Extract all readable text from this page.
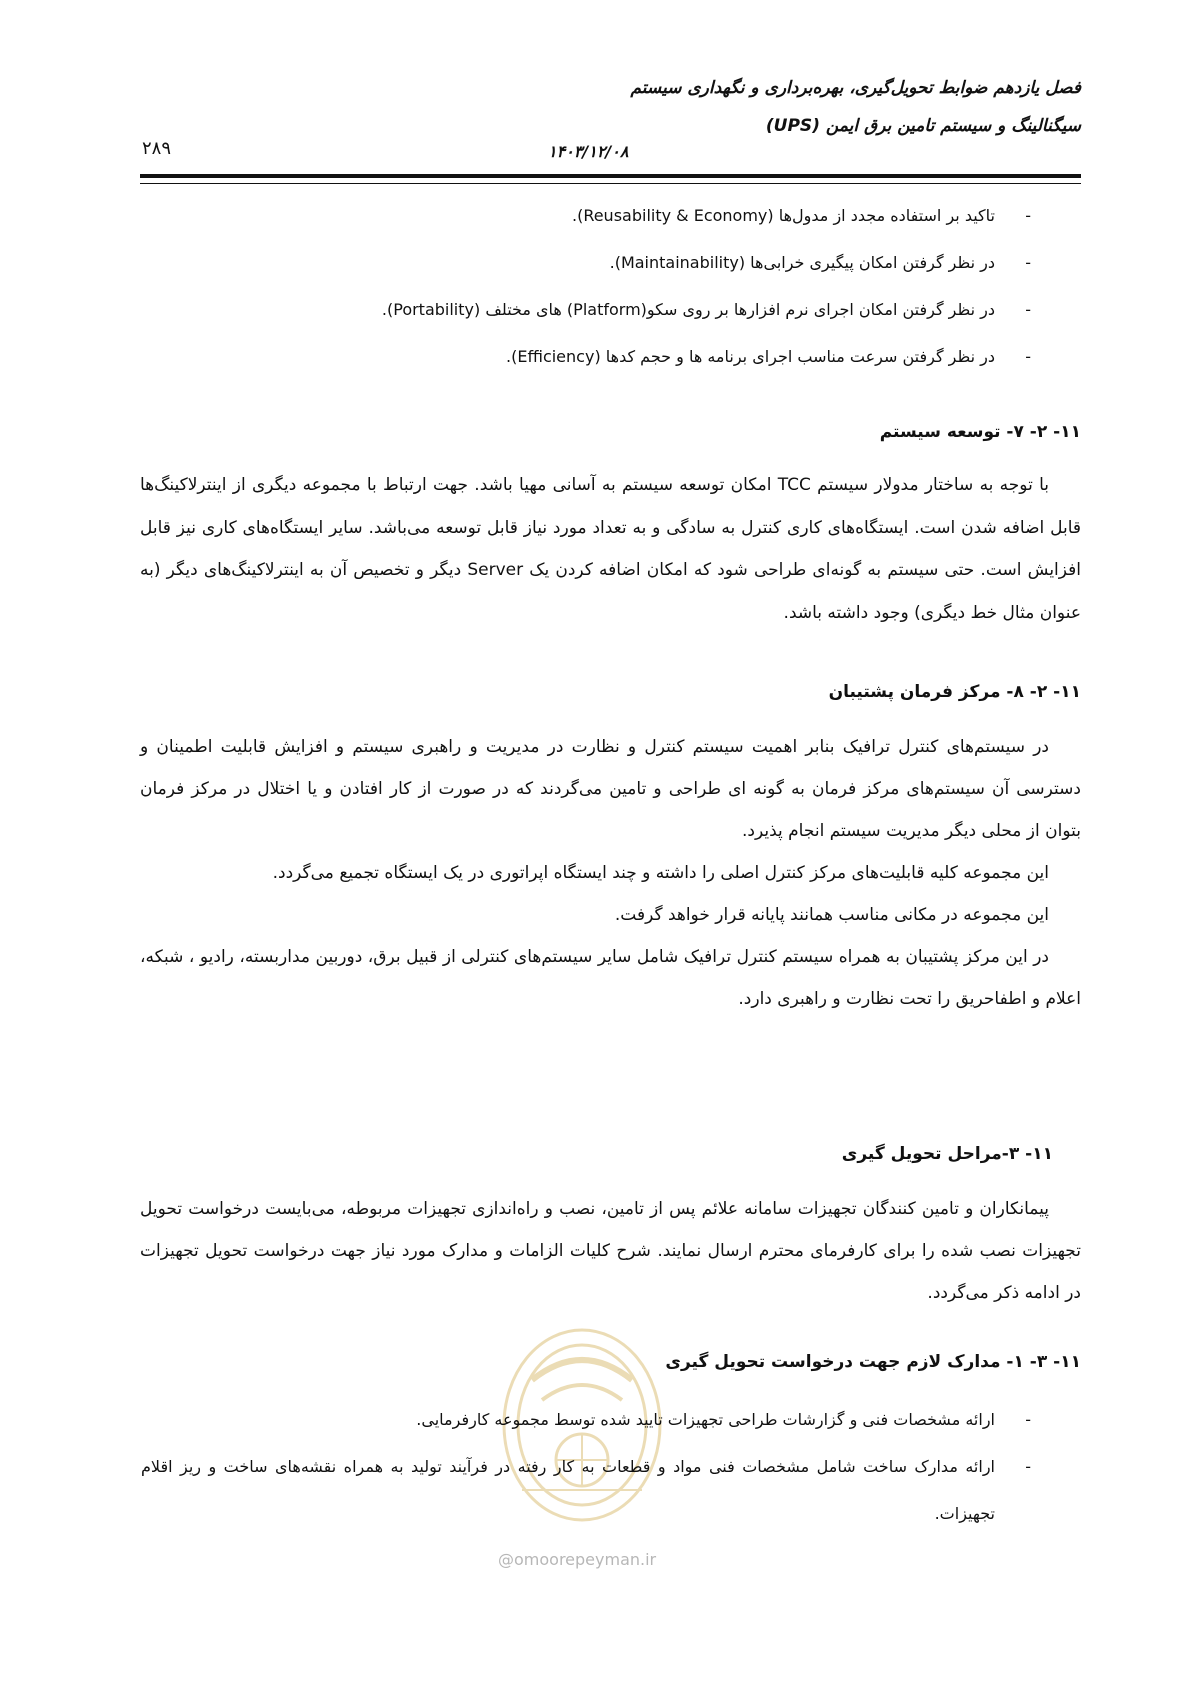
فصل یازدهم ضوابط تحویل‌گیری، بهره‌برداری و نگهداری سیستم
سیگنالینگ و سیستم تامین برق ایمن (UPS)
۱۴۰۳/۱۲/۰۸
۲۸۹
-
تاکید بر استفاده مجدد از مدول‌ها (Reusability & Economy).
-
در نظر گرفتن امکان پیگیری خرابی‌ها (Maintainability).
-
در نظر گرفتن امکان اجرای نرم افزارها بر روی سکو(Platform) های مختلف (Portability).
-
در نظر گرفتن سرعت مناسب اجرای برنامه ها و حجم کدها (Efficiency).
۱۱- ۲- ۷- توسعه سیستم

با توجه به ساختار مدولار سیستم TCC امکان توسعه سیستم به آسانی مهیا باشد. جهت ارتباط با مجموعه دیگری از اینترلاکینگ‌ها قابل اضافه شدن است. ایستگاه‌های کاری کنترل به سادگی و به تعداد مورد نیاز قابل توسعه می‌باشد. سایر ایستگاه‌های کاری نیز قابل افزایش است. حتی سیستم به گونه‌ای طراحی شود که امکان اضافه کردن یک Server دیگر و تخصیص آن به اینترلاکینگ‌های دیگر (به عنوان مثال خط دیگری) وجود داشته باشد.

۱۱- ۲- ۸- مرکز فرمان پشتیبان

در سیستم‌های کنترل ترافیک بنابر اهمیت سیستم کنترل و نظارت در مدیریت و راهبری سیستم و افزایش قابلیت اطمینان و دسترسی آن سیستم‌های مرکز فرمان به گونه ای طراحی و تامین می‌گردند که در صورت از کار افتادن و یا اختلال در مرکز فرمان بتوان از محلی دیگر مدیریت سیستم انجام پذیرد.

این مجموعه کلیه قابلیت‌های مرکز کنترل اصلی را داشته و چند ایستگاه اپراتوری در یک ایستگاه تجمیع می‌گردد.

این مجموعه در مکانی مناسب همانند پایانه قرار خواهد گرفت.

در این مرکز پشتیبان به همراه سیستم کنترل ترافیک شامل سایر سیستم‌های کنترلی از قبیل برق، دوربین مداربسته، رادیو ، شبکه، اعلام و اطفاحریق را تحت نظارت و راهبری دارد.

۱۱- ۳-مراحل تحویل گیری

پیمانکاران و تامین کنندگان تجهیزات سامانه علائم پس از تامین، نصب و راه‌اندازی تجهیزات مربوطه، می‌بایست درخواست تحویل تجهیزات نصب شده را برای کارفرمای محترم ارسال نمایند. شرح کلیات الزامات و مدارک مورد نیاز جهت درخواست تحویل تجهیزات در ادامه ذکر می‌گردد.

۱۱- ۳- ۱- مدارک لازم جهت درخواست تحویل گیری
@omoorepeyman.ir
-
ارائه مشخصات فنی و گزارشات طراحی تجهیزات تایید شده توسط مجموعه کارفرمایی.
-
ارائه مدارک ساخت شامل مشخصات فنی مواد و قطعات به کار رفته در فرآیند تولید به همراه نقشه‌های ساخت و ریز اقلام تجهیزات.
